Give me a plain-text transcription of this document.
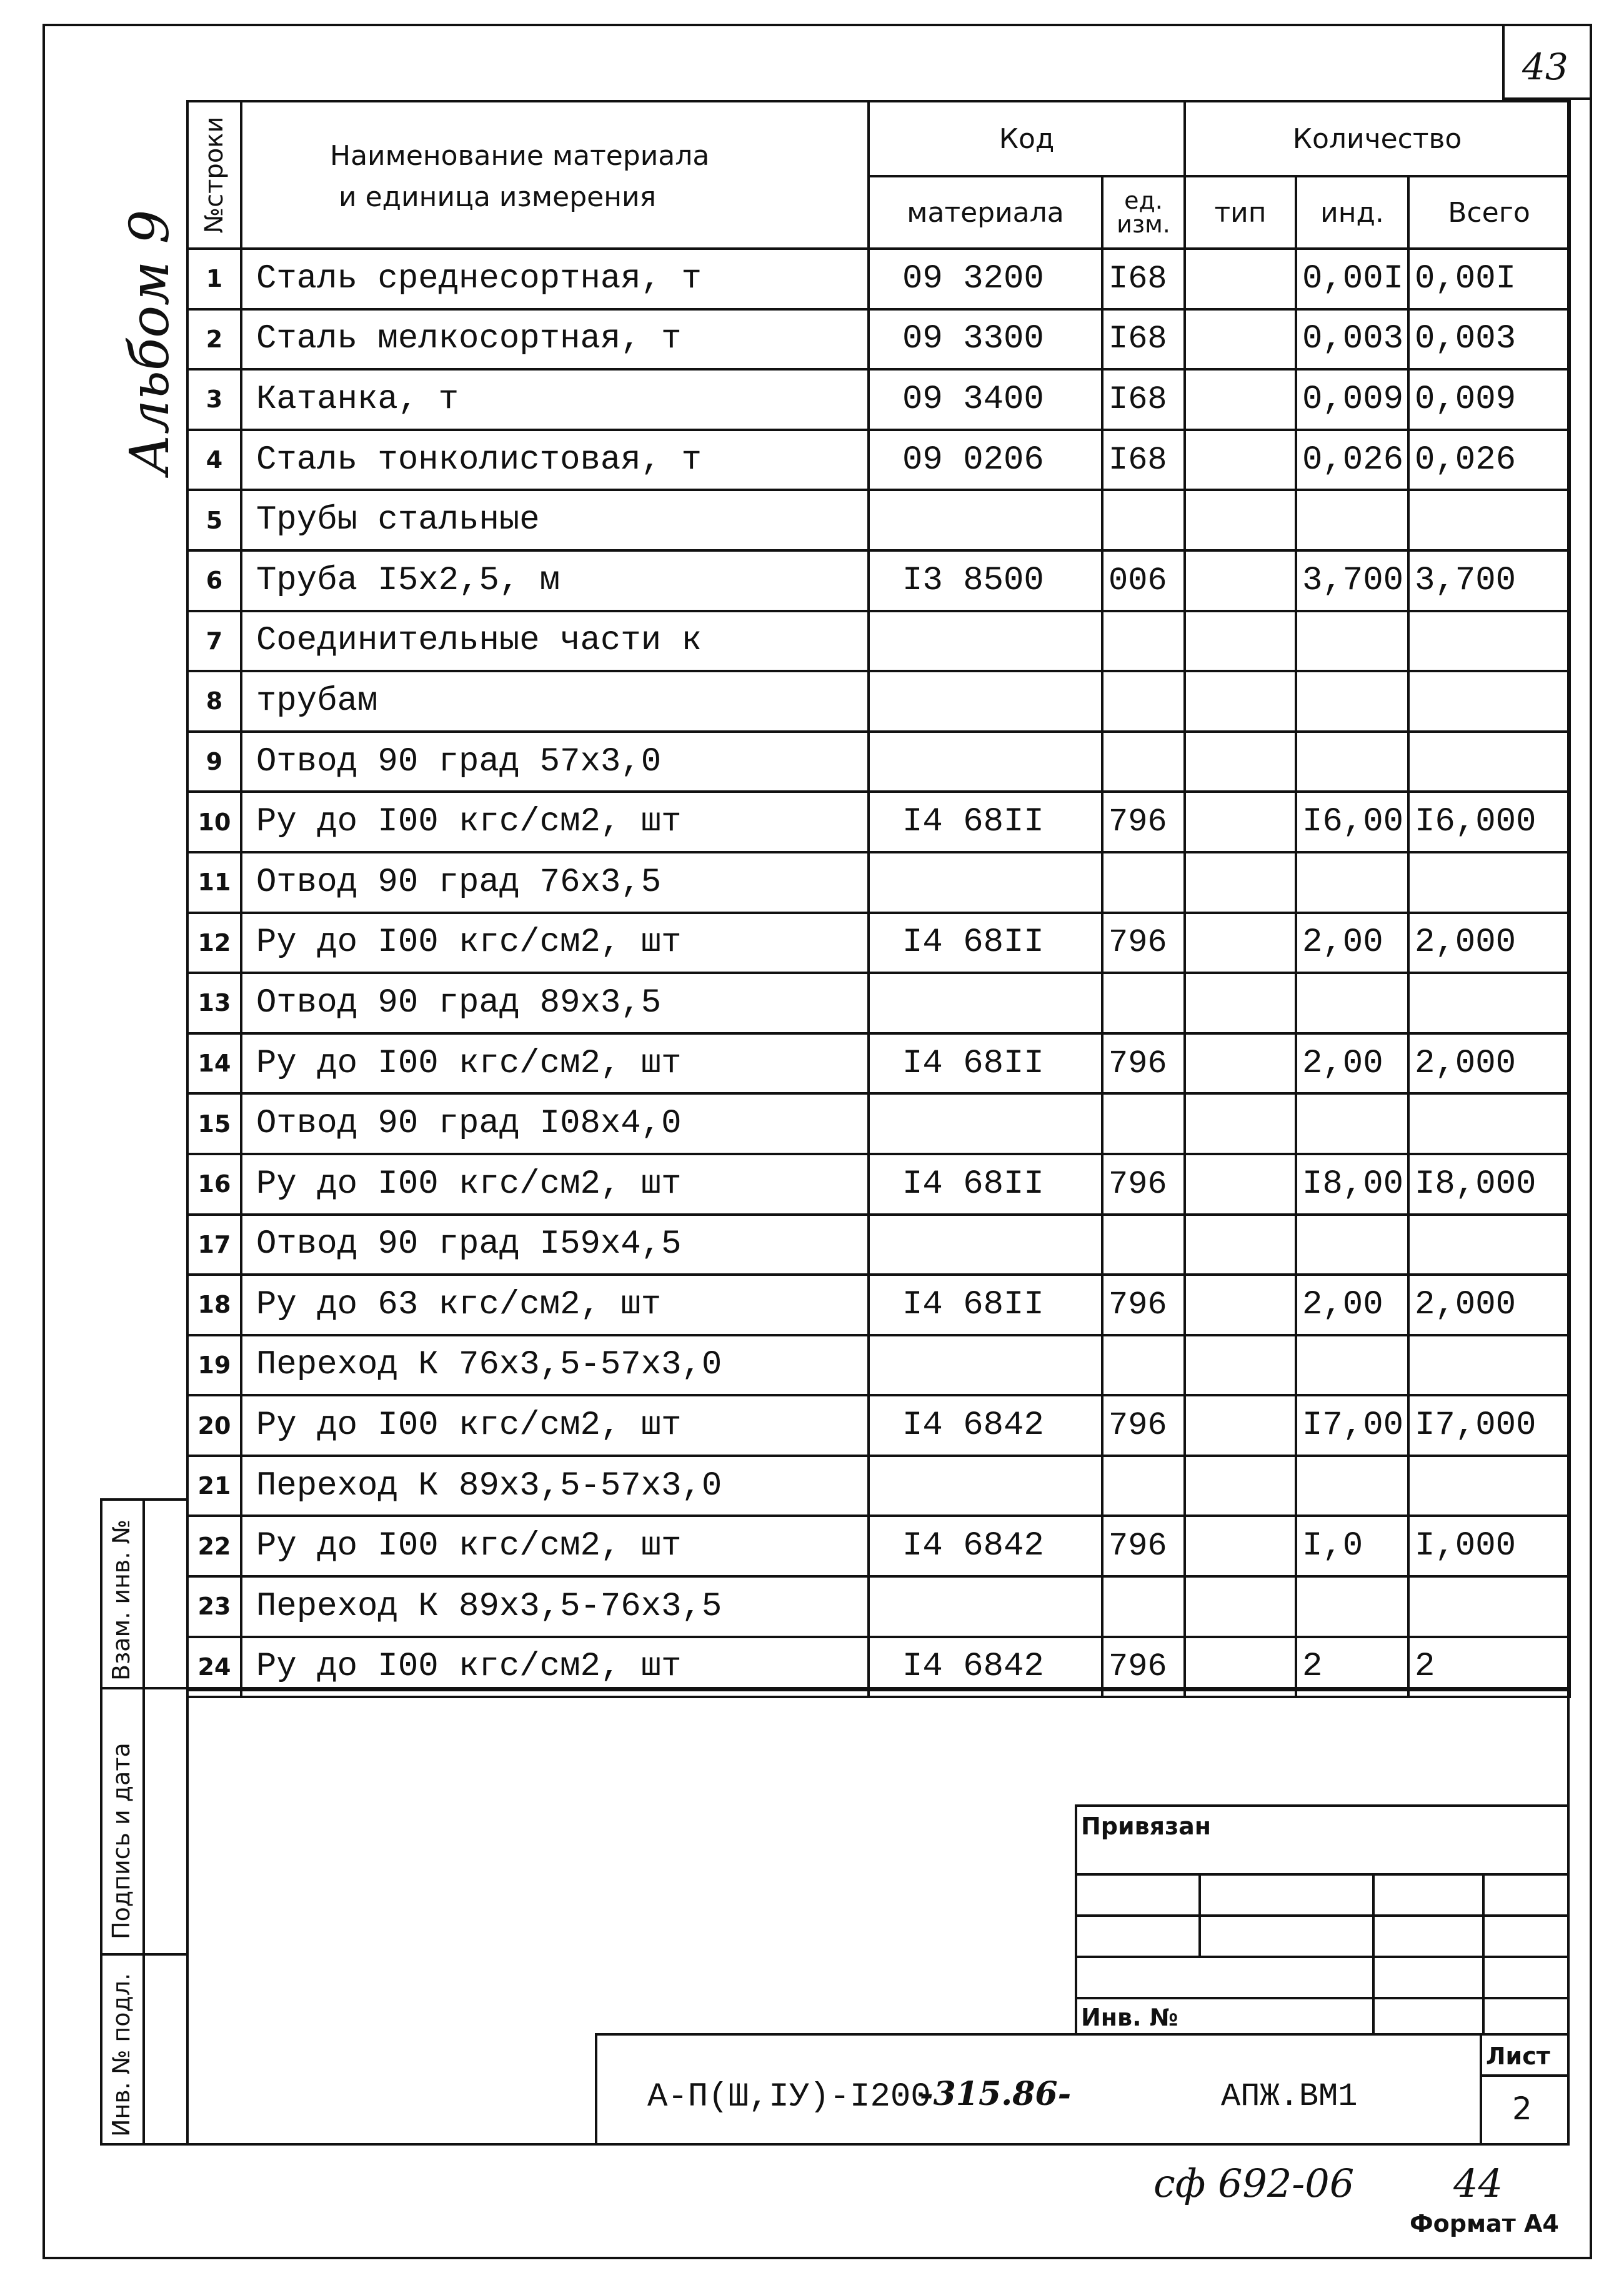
43
Альбом 9
№строки	Наименование материала
и единица измерения	Код		Количество		
		материала	ед. изм.	тип	инд.	Всего
1	Сталь среднесортная, т	09 3200	I68		0,00I	0,00I
2	Сталь мелкосортная, т	09 3300	I68		0,003	0,003
3	Катанка, т	09 3400	I68		0,009	0,009
4	Сталь тонколистовая, т	09 0206	I68		0,026	0,026
5	Трубы стальные					
6	Труба I5х2,5, м	I3 8500	006		3,700	3,700
7	Соединительные части к					
8	трубам					
9	Отвод 90 град 57х3,0					
10	Ру до I00 кгс/см2, шт	I4 68II	796		I6,00	I6,000
11	Отвод 90 град 76х3,5					
12	Ру до I00 кгс/см2, шт	I4 68II	796		2,00	2,000
13	Отвод 90 град 89х3,5					
14	Ру до I00 кгс/см2, шт	I4 68II	796		2,00	2,000
15	Отвод 90 град I08х4,0					
16	Ру до I00 кгс/см2, шт	I4 68II	796		I8,00	I8,000
17	Отвод 90 град I59х4,5					
18	Ру до 63 кгс/см2, шт	I4 68II	796		2,00	2,000
19	Переход К 76х3,5-57х3,0					
20	Ру до I00 кгс/см2, шт	I4 6842	796		I7,00	I7,000
21	Переход К 89х3,5-57х3,0					
22	Ру до I00 кгс/см2, шт	I4 6842	796		I,0	I,000
23	Переход К 89х3,5-76х3,5					
24	Ру до I00 кгс/см2, шт	I4 6842	796		2	2
Взам. инв. №
Подпись и дата
Инв. № подл.
Привязан
Инв. №
А-П(Ш,IУ)-I200
-315.86-	АПЖ.ВМ1
Лист
2
сф 692-06	44
Формат А4
